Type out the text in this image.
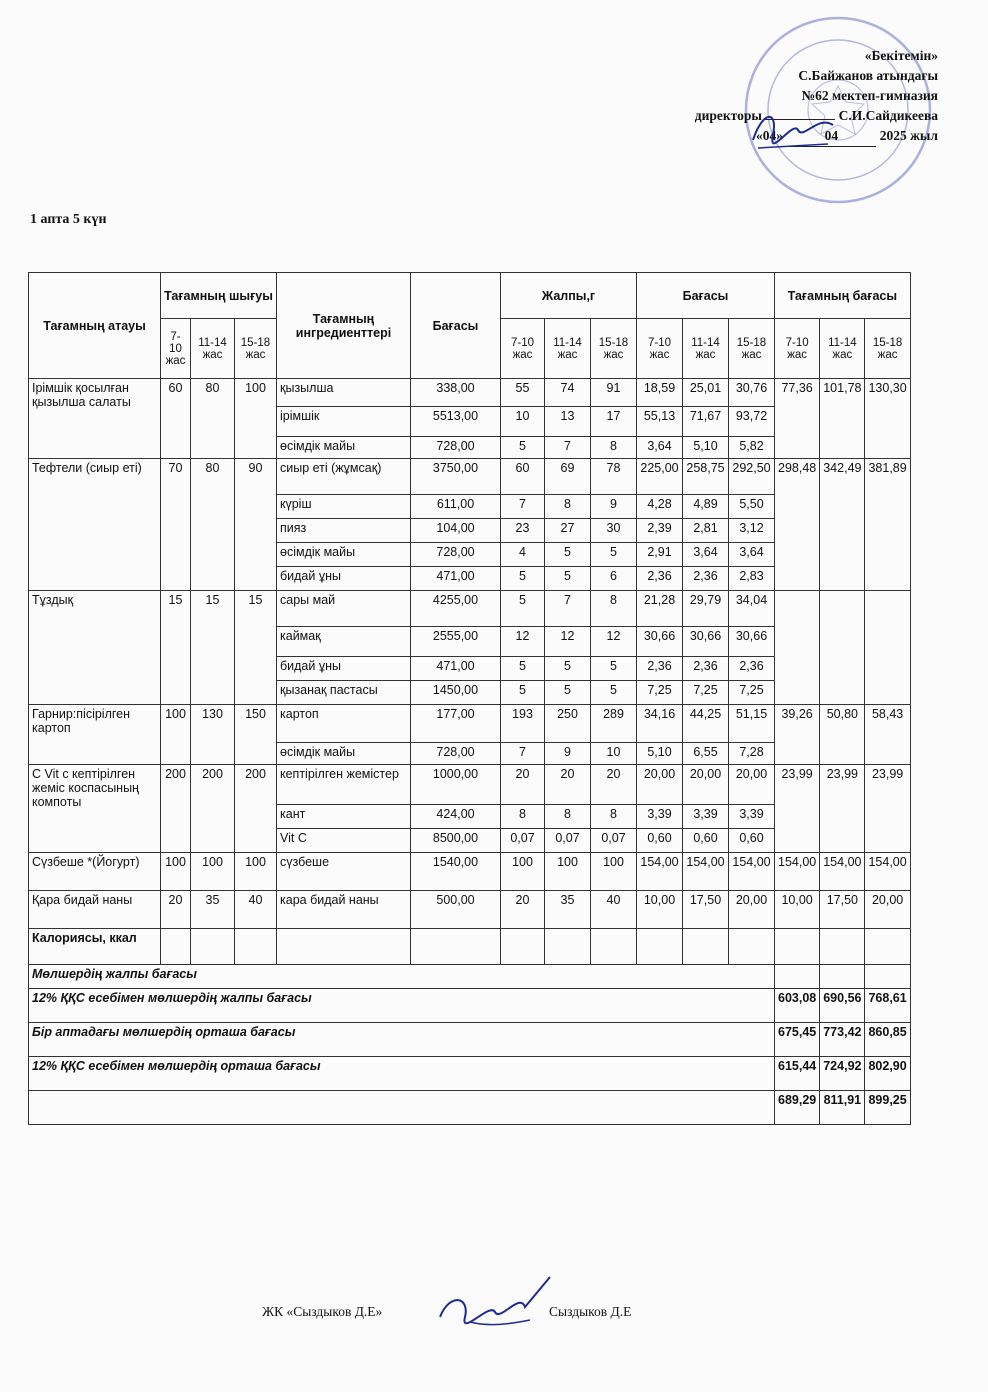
«Бекітемін»
С.Байжанов атындағы
№62 мектеп-гимназия
директоры	С.И.Сайдикеева
«04»	04	2025 жыл
1 апта 5 күн
Тағамның атауы	Тағамның шығуы			Тағамның ингредиенттері	Бағасы	Жалпы,г			Бағасы			Тағамның бағасы		
	7-10 жас	11-14 жас	15-18 жас			7-10 жас	11-14 жас	15-18 жас	7-10 жас	11-14 жас	15-18 жас	7-10 жас	11-14 жас	15-18 жас
Ірімшік қосылған қызылша салаты	60	80	100	қызылша	338,00	55	74	91	18,59	25,01	30,76	77,36	101,78	130,30
				ірімшік	5513,00	10	13	17	55,13	71,67	93,72			
				өсімдік майы	728,00	5	7	8	3,64	5,10	5,82			
Тефтели (сиыр еті)	70	80	90	сиыр еті (жұмсақ)	3750,00	60	69	78	225,00	258,75	292,50	298,48	342,49	381,89
				күріш	611,00	7	8	9	4,28	4,89	5,50			
				пияз	104,00	23	27	30	2,39	2,81	3,12			
				өсімдік майы	728,00	4	5	5	2,91	3,64	3,64			
				бидай ұны	471,00	5	5	6	2,36	2,36	2,83			
Тұздық	15	15	15	сары май	4255,00	5	7	8	21,28	29,79	34,04			
				каймақ	2555,00	12	12	12	30,66	30,66	30,66			
				бидай ұны	471,00	5	5	5	2,36	2,36	2,36			
				қызанақ пастасы	1450,00	5	5	5	7,25	7,25	7,25			
Гарнир:пісірілген картоп	100	130	150	картоп	177,00	193	250	289	34,16	44,25	51,15	39,26	50,80	58,43
				өсімдік майы	728,00	7	9	10	5,10	6,55	7,28			
С Vit с кептірілген жеміс коспасының компоты	200	200	200	кептірілген жемістер	1000,00	20	20	20	20,00	20,00	20,00	23,99	23,99	23,99
				кант	424,00	8	8	8	3,39	3,39	3,39			
				Vit C	8500,00	0,07	0,07	0,07	0,60	0,60	0,60			
Сүзбеше *(Йогурт)	100	100	100	сүзбеше	1540,00	100	100	100	154,00	154,00	154,00	154,00	154,00	154,00
Қара бидай наны	20	35	40	кара бидай наны	500,00	20	35	40	10,00	17,50	20,00	10,00	17,50	20,00
Калориясы, ккал														
Мөлшердің жалпы бағасы														
12% ҚҚС есебімен мөлшердің жалпы бағасы												603,08	690,56	768,61
Бір аптадағы мөлшердің орташа бағасы												675,45	773,42	860,85
12% ҚҚС есебімен мөлшердің орташа бағасы												615,44	724,92	802,90
												689,29	811,91	899,25
ЖК «Сыздыков Д.Е»	Сыздыков Д.Е
